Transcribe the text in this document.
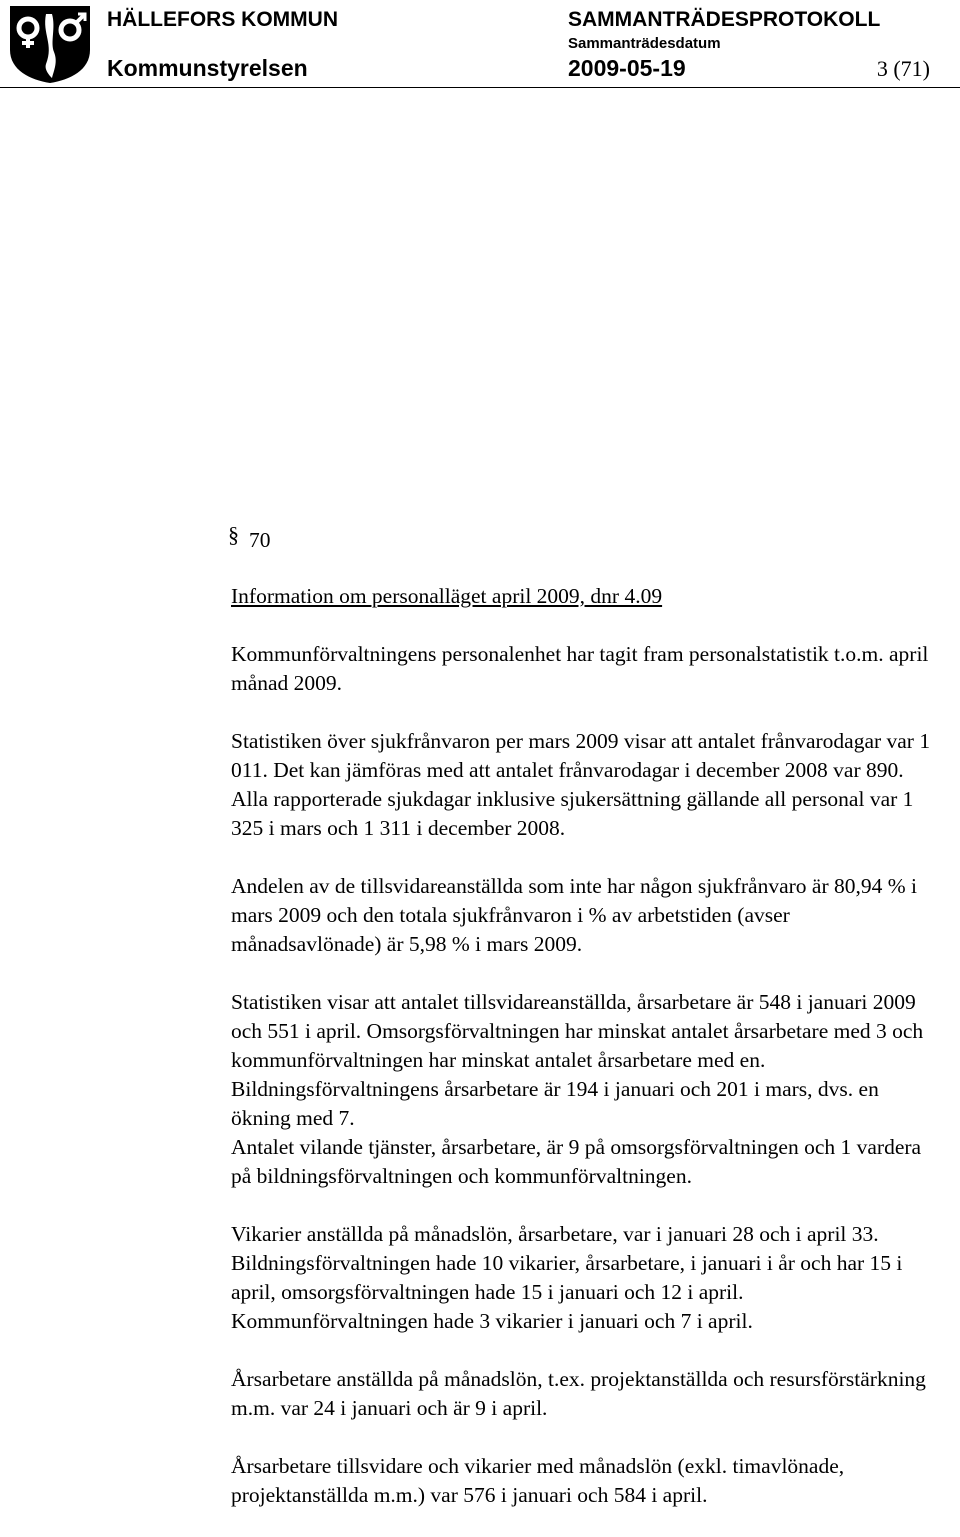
HÄLLEFORS KOMMUN
Kommunstyrelsen
SAMMANTRÄDESPROTOKOLL
Sammanträdesdatum
2009-05-19	3 (71)
§ 70

Information om personalläget april 2009, dnr 4.09

Kommunförvaltningens personalenhet har tagit fram personalstatistik t.o.m. april månad 2009.

Statistiken över sjukfrånvaron per mars 2009 visar att antalet frånvarodagar var 1 011. Det kan jämföras med att antalet frånvarodagar i december 2008 var 890. Alla rapporterade sjukdagar inklusive sjukersättning gällande all personal var 1 325 i mars och 1 311 i december 2008.

Andelen av de tillsvidareanställda som inte har någon sjukfrånvaro är 80,94 % i mars 2009 och den totala sjukfrånvaron i % av arbetstiden (avser månadsavlönade) är 5,98 % i mars 2009.

Statistiken visar att antalet tillsvidareanställda, årsarbetare är 548 i januari 2009 och 551 i april. Omsorgsförvaltningen har minskat antalet årsarbetare med 3 och kommunförvaltningen har minskat antalet årsarbetare med en. Bildningsförvaltningens årsarbetare är 194 i januari och 201 i mars, dvs. en ökning med 7.

Antalet vilande tjänster, årsarbetare, är 9 på omsorgsförvaltningen och 1 vardera på bildningsförvaltningen och kommunförvaltningen.

Vikarier anställda på månadslön, årsarbetare, var i januari 28 och i april 33. Bildningsförvaltningen hade 10 vikarier, årsarbetare, i januari i år och har 15 i april, omsorgsförvaltningen hade 15 i januari och 12 i april. Kommunförvaltningen hade 3 vikarier i januari och 7 i april.

Årsarbetare anställda på månadslön, t.ex. projektanställda och resursförstärkning m.m. var 24 i januari och är 9 i april.

Årsarbetare tillsvidare och vikarier med månadslön (exkl. timavlönade, projektanställda m.m.) var 576 i januari och 584 i april.
